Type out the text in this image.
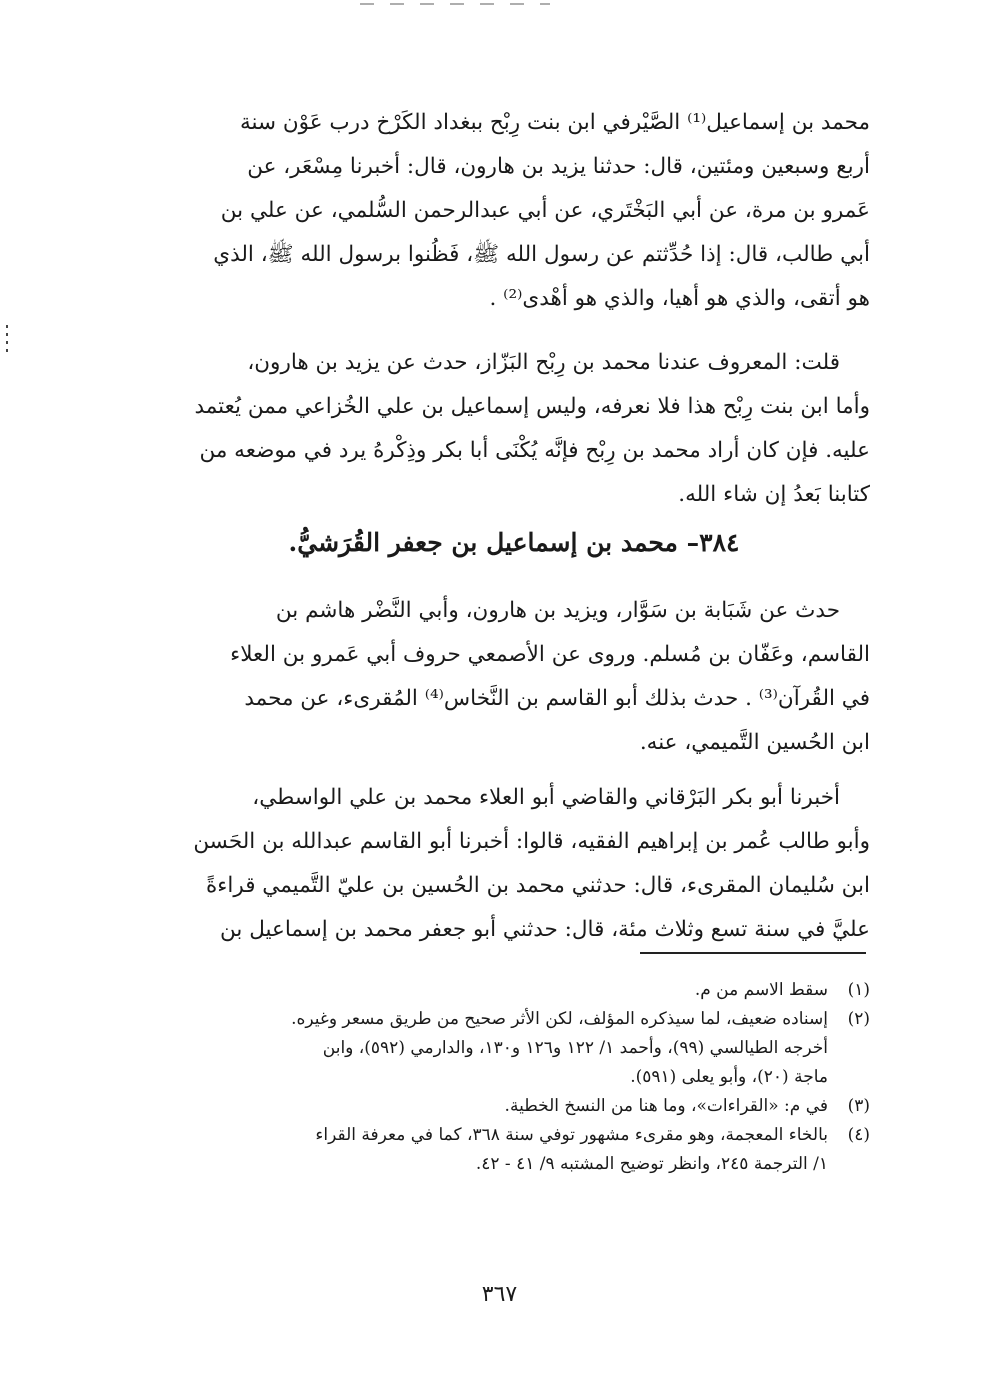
محمد بن إسماعيل⁽¹⁾ الصَّيْرفي ابن بنت رِبْح ببغداد الكَرْخ درب عَوْن سنة

أربع وسبعين ومئتين، قال: حدثنا يزيد بن هارون، قال: أخبرنا مِسْعَر، عن

عَمرو بن مرة، عن أبي البَخْتَري، عن أبي عبدالرحمن السُّلمي، عن علي بن

أبي طالب، قال: إذا حُدِّثتم عن رسول الله ﷺ، فَظُنوا برسول الله ﷺ، الذي

هو أتقى، والذي هو أهيا، والذي هو أهْدى⁽²⁾ .

قلت: المعروف عندنا محمد بن رِبْح البَزّاز، حدث عن يزيد بن هارون،

وأما ابن بنت رِبْح هذا فلا نعرفه، وليس إسماعيل بن علي الخُزاعي ممن يُعتمد

عليه. فإن كان أراد محمد بن رِبْح فإنَّه يُكْنَى أبا بكر وذِكْرهُ يرد في موضعه من

كتابنا بَعدُ إن شاء الله.

٣٨٤– محمد بن إسماعيل بن جعفر القُرَشيُّ.

حدث عن شَبَابة بن سَوَّار، ويزيد بن هارون، وأبي النَّضْر هاشم بن

القاسم، وعَفّان بن مُسلم. وروى عن الأصمعي حروف أبي عَمرو بن العلاء

في القُرآن⁽³⁾ . حدث بذلك أبو القاسم بن النَّخاس⁽⁴⁾ المُقرىء، عن محمد

ابن الحُسين التَّميمي، عنه.

أخبرنا أبو بكر البَرْقاني والقاضي أبو العلاء محمد بن علي الواسطي،

وأبو طالب عُمر بن إبراهيم الفقيه، قالوا: أخبرنا أبو القاسم عبدالله بن الحَسن

ابن سُليمان المقرىء، قال: حدثني محمد بن الحُسين بن عليّ التَّميمي قراءةً

عليَّ في سنة تسع وثلاث مئة، قال: حدثني أبو جعفر محمد بن إسماعيل بن

(١)
سقط الاسم من م.
(٢)
إسناده ضعيف، لما سيذكره المؤلف، لكن الأثر صحيح من طريق مسعر وغيره.
أخرجه الطيالسي (٩٩)، وأحمد ١/ ١٢٢ و١٢٦ و١٣٠، والدارمي (٥٩٢)، وابن
ماجة (٢٠)، وأبو يعلى (٥٩١).
(٣)
في م: «القراءات»، وما هنا من النسخ الخطية.
(٤)
بالخاء المعجمة، وهو مقرىء مشهور توفي سنة ٣٦٨، كما في معرفة القراء
١/ الترجمة ٢٤٥، وانظر توضيح المشتبه ٩/ ٤١ - ٤٢.
٣٦٧
